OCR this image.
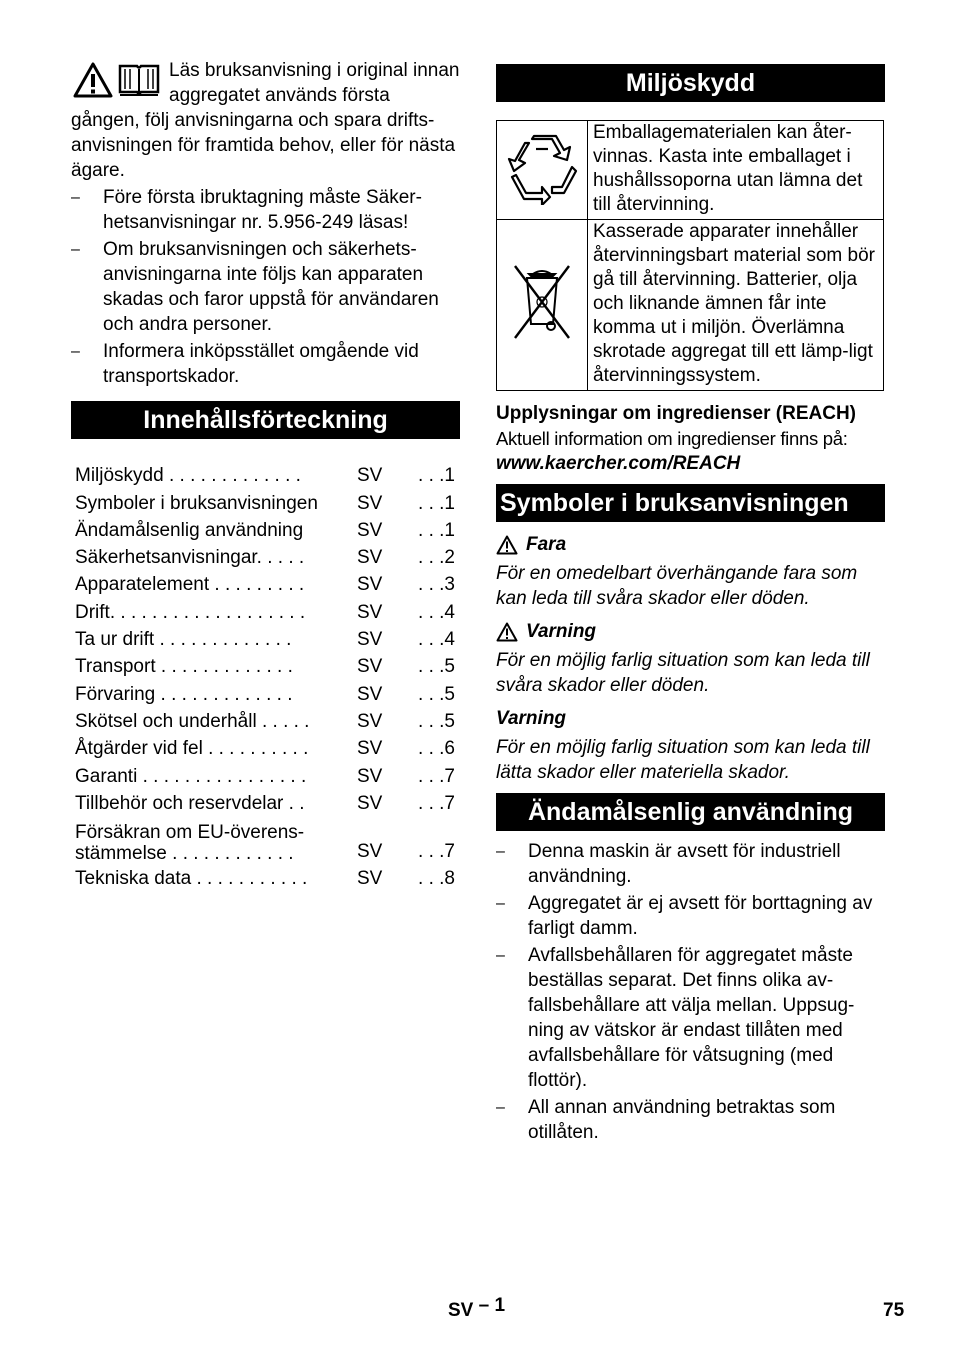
Läs bruksanvisning i original innan aggregatet används första gången, följ anvisningarna och spara drifts-anvisningen för framtida behov, eller för nästa ägare.

– Före första ibruktagning måste Säker-hetsanvisningar nr. 5.956-249 läsas!
– Om bruksanvisningen och säkerhets-anvisningarna inte följs kan apparaten skadas och faror uppstå för användaren och andra personer.
– Informera inköpsstället omgående vid transportskador.
Innehållsförteckning
Miljöskydd . . . . . . . . . . . . .	SV	. . .1
Symboler i bruksanvisningen	SV	. . .1
Ändamålsenlig användning	SV	. . .1
Säkerhetsanvisningar. . . . .	SV	. . .2
Apparatelement . . . . . . . . .	SV	. . .3
Drift. . . . . . . . . . . . . . . . . . .	SV	. . .4
Ta ur drift . . . . . . . . . . . . .	SV	. . .4
Transport . . . . . . . . . . . . .	SV	. . .5
Förvaring . . . . . . . . . . . . .	SV	. . .5
Skötsel och underhåll . . . . .	SV	. . .5
Åtgärder vid fel . . . . . . . . . .	SV	. . .6
Garanti . . . . . . . . . . . . . . . .	SV	. . .7
Tillbehör och reservdelar . .	SV	. . .7
Försäkran om EU-överens-stämmelse . . . . . . . . . . . .	SV	. . .7
Tekniska data . . . . . . . . . . .	SV	. . .8
Miljöskydd
	Emballagematerialen kan åter-vinnas. Kasta inte emballaget i hushållssoporna utan lämna det till återvinning.
	Kasserade apparater innehåller återvinningsbart material som bör gå till återvinning. Batterier, olja och liknande ämnen får inte komma ut i miljön. Överlämna skrotade aggregat till ett lämp-ligt återvinningssystem.
Upplysningar om ingredienser (REACH)
Aktuell information om ingredienser finns på:
www.kaercher.com/REACH
Symboler i bruksanvisningen
Fara
För en omedelbart överhängande fara som kan leda till svåra skador eller döden.
Varning
För en möjlig farlig situation som kan leda till svåra skador eller döden.
Varning
För en möjlig farlig situation som kan leda till lätta skador eller materiella skador.
Ändamålsenlig användning
– Denna maskin är avsett för industriell användning.
– Aggregatet är ej avsett för borttagning av farligt damm.
– Avfallsbehållaren för aggregatet måste beställas separat. Det finns olika av-fallsbehållare att välja mellan. Uppsug-ning av vätskor är endast tillåten med avfallsbehållare för våtsugning (med flottör).
– All annan användning betraktas som otillåten.
SV – 1	75
